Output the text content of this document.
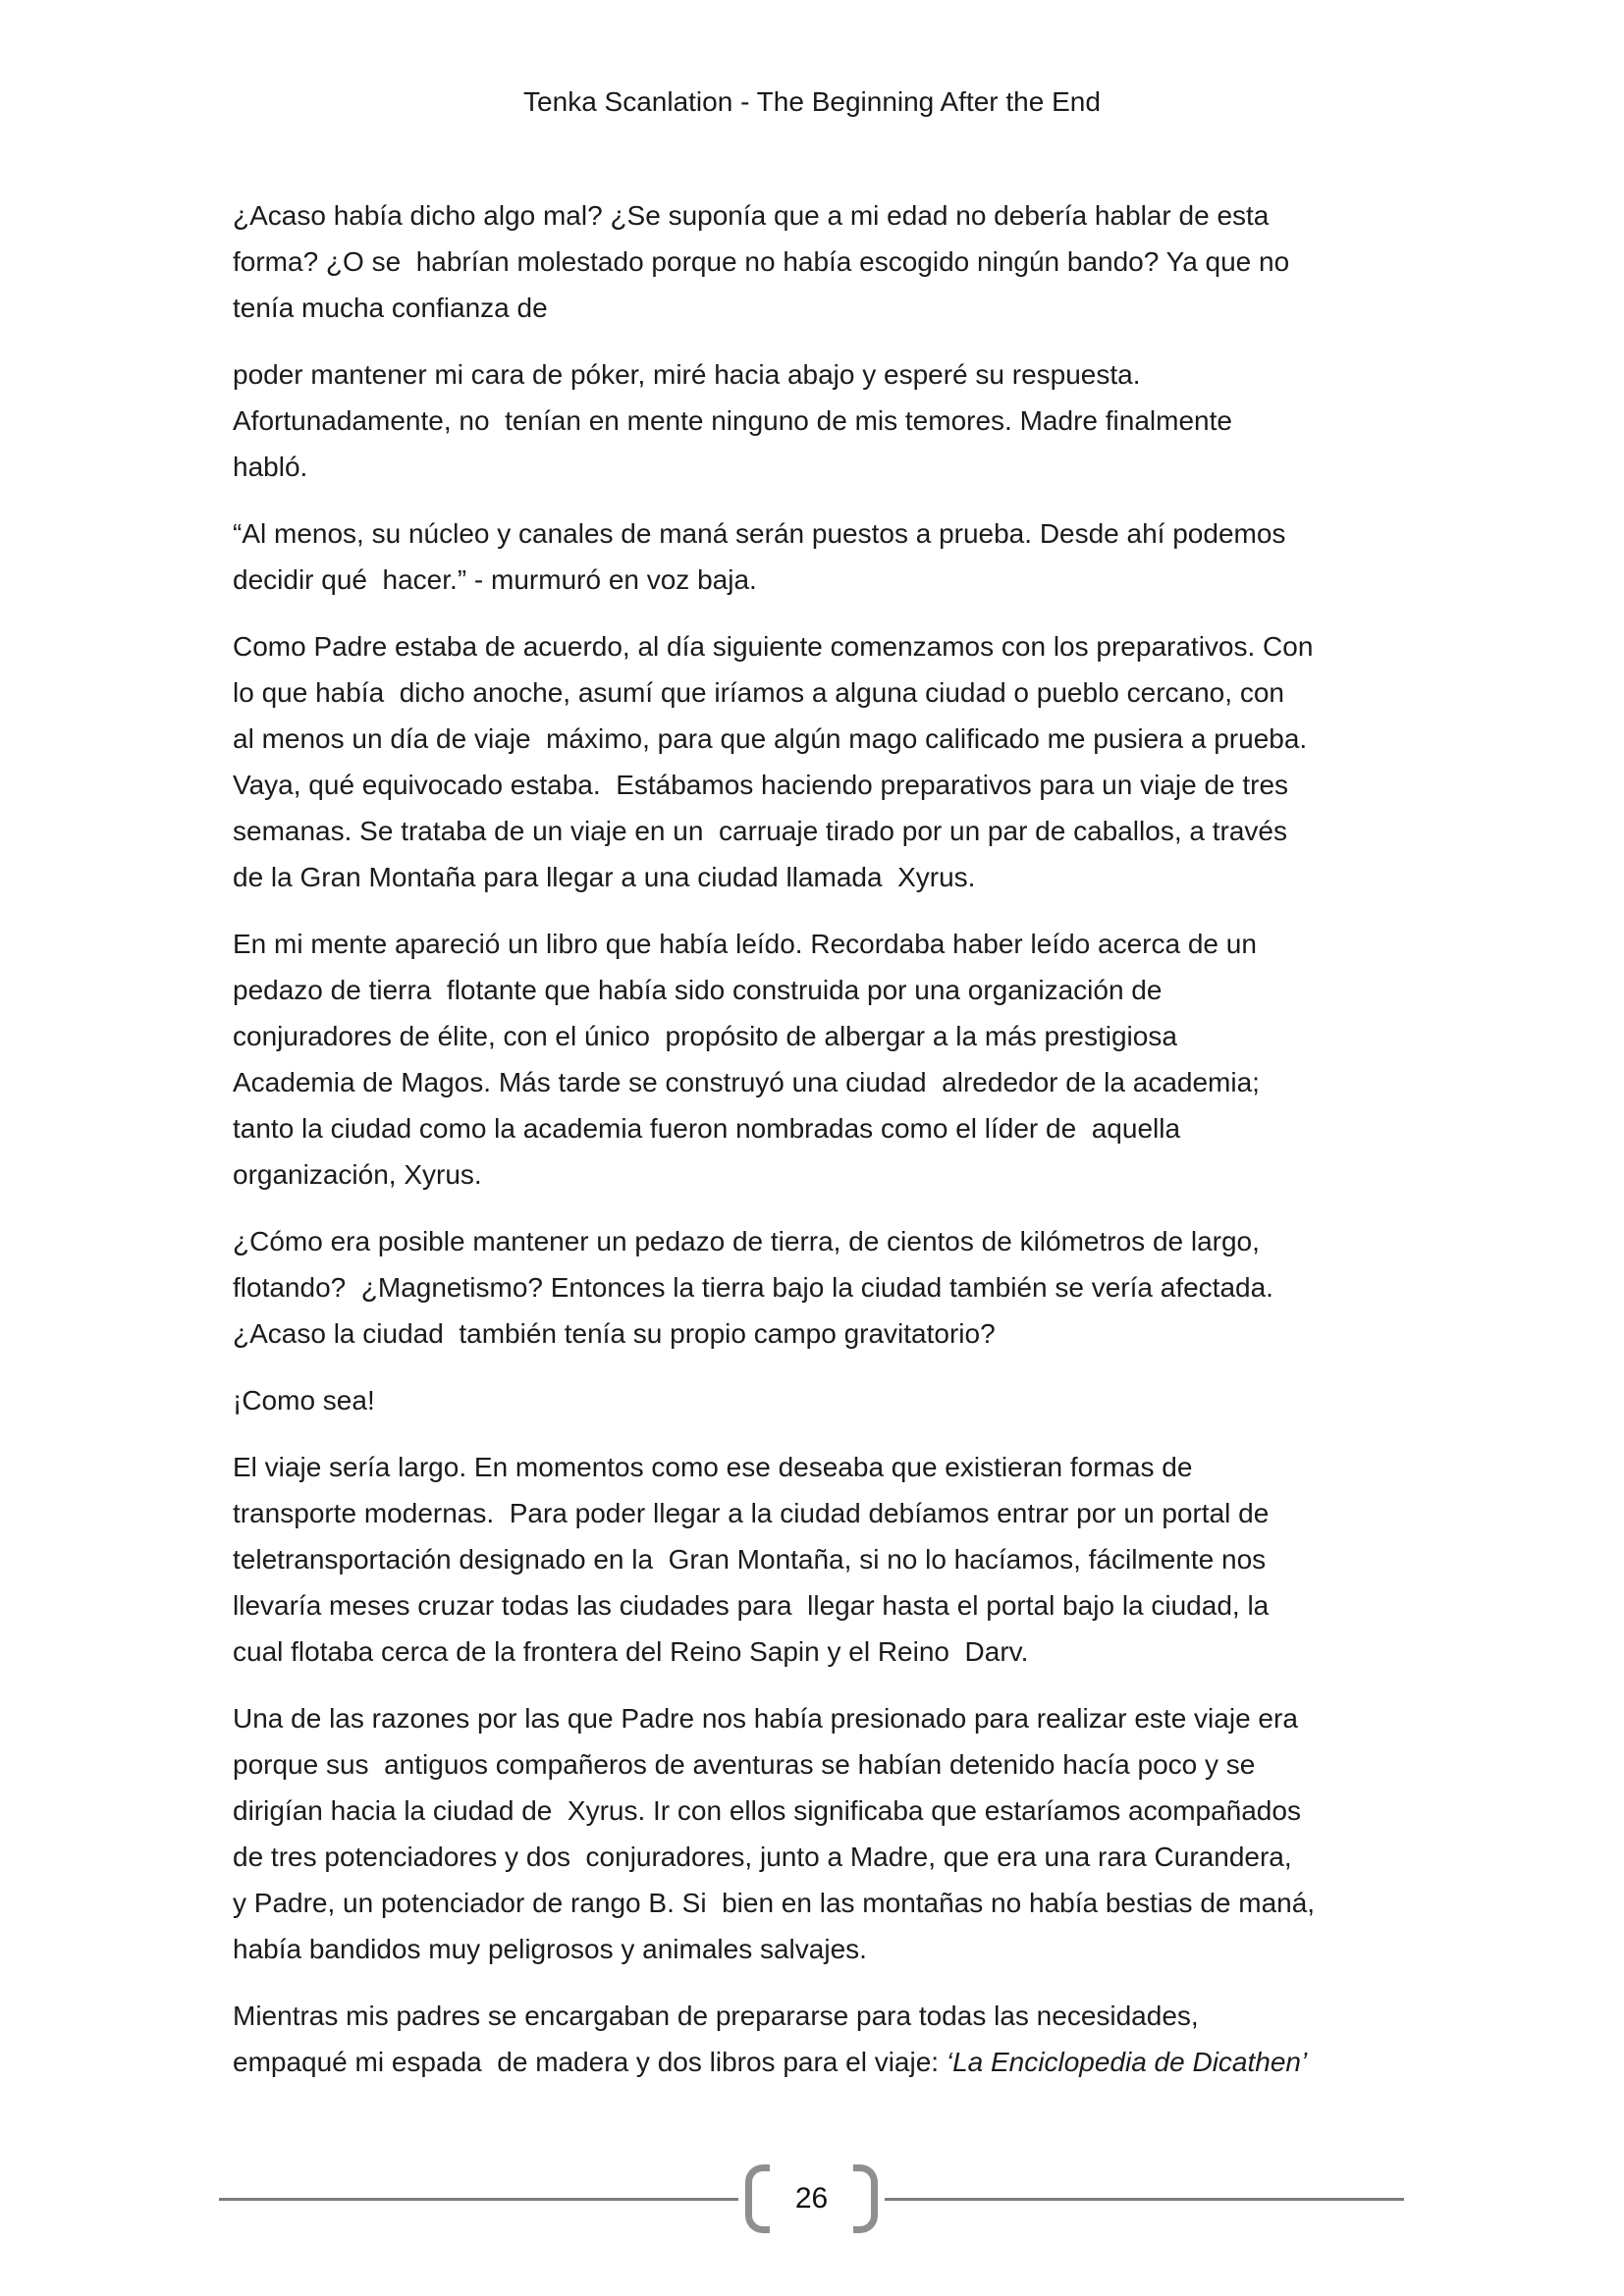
Tenka Scanlation - The Beginning After the End
¿Acaso había dicho algo mal? ¿Se suponía que a mi edad no debería hablar de esta
forma? ¿O se  habrían molestado porque no había escogido ningún bando? Ya que no
tenía mucha confianza de
poder mantener mi cara de póker, miré hacia abajo y esperé su respuesta.
Afortunadamente, no  tenían en mente ninguno de mis temores. Madre finalmente
habló.
“Al menos, su núcleo y canales de maná serán puestos a prueba. Desde ahí podemos
decidir qué  hacer.” - murmuró en voz baja.
Como Padre estaba de acuerdo, al día siguiente comenzamos con los preparativos. Con
lo que había  dicho anoche, asumí que iríamos a alguna ciudad o pueblo cercano, con
al menos un día de viaje  máximo, para que algún mago calificado me pusiera a prueba.
Vaya, qué equivocado estaba.  Estábamos haciendo preparativos para un viaje de tres
semanas. Se trataba de un viaje en un  carruaje tirado por un par de caballos, a través
de la Gran Montaña para llegar a una ciudad llamada  Xyrus.
En mi mente apareció un libro que había leído. Recordaba haber leído acerca de un
pedazo de tierra  flotante que había sido construida por una organización de
conjuradores de élite, con el único  propósito de albergar a la más prestigiosa
Academia de Magos. Más tarde se construyó una ciudad  alrededor de la academia;
tanto la ciudad como la academia fueron nombradas como el líder de  aquella
organización, Xyrus.
¿Cómo era posible mantener un pedazo de tierra, de cientos de kilómetros de largo,
flotando?  ¿Magnetismo? Entonces la tierra bajo la ciudad también se vería afectada.
¿Acaso la ciudad  también tenía su propio campo gravitatorio?
¡Como sea!
El viaje sería largo. En momentos como ese deseaba que existieran formas de
transporte modernas.  Para poder llegar a la ciudad debíamos entrar por un portal de
teletransportación designado en la  Gran Montaña, si no lo hacíamos, fácilmente nos
llevaría meses cruzar todas las ciudades para  llegar hasta el portal bajo la ciudad, la
cual flotaba cerca de la frontera del Reino Sapin y el Reino  Darv.
Una de las razones por las que Padre nos había presionado para realizar este viaje era
porque sus  antiguos compañeros de aventuras se habían detenido hacía poco y se
dirigían hacia la ciudad de  Xyrus. Ir con ellos significaba que estaríamos acompañados
de tres potenciadores y dos  conjuradores, junto a Madre, que era una rara Curandera,
y Padre, un potenciador de rango B. Si  bien en las montañas no había bestias de maná,
había bandidos muy peligrosos y animales salvajes.
Mientras mis padres se encargaban de prepararse para todas las necesidades,
empaqué mi espada  de madera y dos libros para el viaje: ‘La Enciclopedia de Dicathen’
26
